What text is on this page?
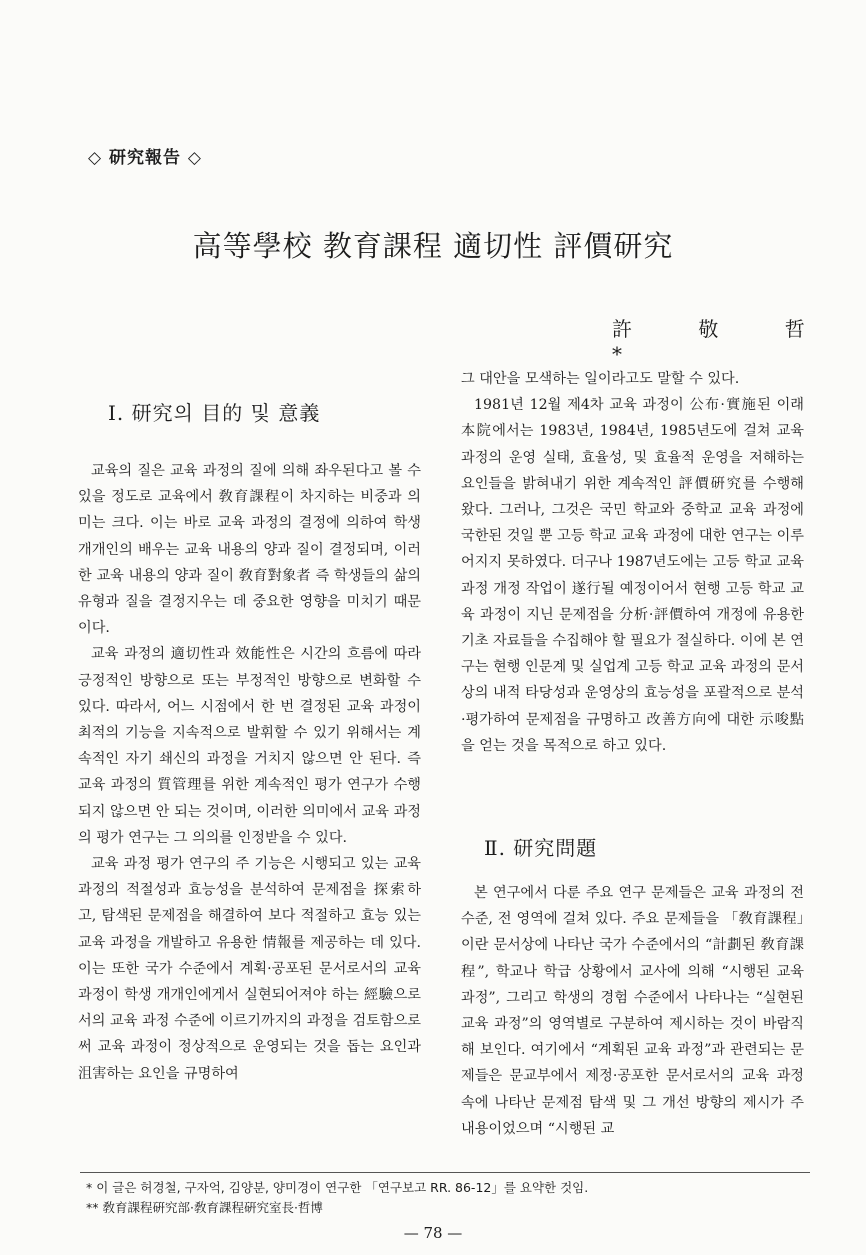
◇ 研究報告 ◇
高等學校 教育課程 適切性 評價研究
許 敬 哲*
Ⅰ. 研究의 目的 및 意義

교육의 질은 교육 과정의 질에 의해 좌우된다고 볼 수 있을 정도로 교육에서 敎育課程이 차지하는 비중과 의미는 크다. 이는 바로 교육 과정의 결정에 의하여 학생 개개인의 배우는 교육 내용의 양과 질이 결정되며, 이러한 교육 내용의 양과 질이 敎育對象者 즉 학생들의 삶의 유형과 질을 결정지우는 데 중요한 영향을 미치기 때문이다.

교육 과정의 適切性과 效能性은 시간의 흐름에 따라 긍정적인 방향으로 또는 부정적인 방향으로 변화할 수 있다. 따라서, 어느 시점에서 한 번 결정된 교육 과정이 최적의 기능을 지속적으로 발휘할 수 있기 위해서는 계속적인 자기 쇄신의 과정을 거치지 않으면 안 된다. 즉 교육 과정의 質管理를 위한 계속적인 평가 연구가 수행되지 않으면 안 되는 것이며, 이러한 의미에서 교육 과정의 평가 연구는 그 의의를 인정받을 수 있다.

교육 과정 평가 연구의 주 기능은 시행되고 있는 교육 과정의 적절성과 효능성을 분석하여 문제점을 探索하고, 탐색된 문제점을 해결하여 보다 적절하고 효능 있는 교육 과정을 개발하고 유용한 情報를 제공하는 데 있다. 이는 또한 국가 수준에서 계획·공포된 문서로서의 교육 과정이 학생 개개인에게서 실현되어져야 하는 經驗으로서의 교육 과정 수준에 이르기까지의 과정을 검토함으로써 교육 과정이 정상적으로 운영되는 것을 돕는 요인과 沮害하는 요인을 규명하여

그 대안을 모색하는 일이라고도 말할 수 있다.

1981년 12월 제4차 교육 과정이 公布·實施된 이래 本院에서는 1983년, 1984년, 1985년도에 걸쳐 교육 과정의 운영 실태, 효율성, 및 효율적 운영을 저해하는 요인들을 밝혀내기 위한 계속적인 評價硏究를 수행해 왔다. 그러나, 그것은 국민 학교와 중학교 교육 과정에 국한된 것일 뿐 고등 학교 교육 과정에 대한 연구는 이루어지지 못하였다. 더구나 1987년도에는 고등 학교 교육 과정 개정 작업이 遂行될 예정이어서 현행 고등 학교 교육 과정이 지닌 문제점을 分析·評價하여 개정에 유용한 기초 자료들을 수집해야 할 필요가 절실하다. 이에 본 연구는 현행 인문계 및 실업계 고등 학교 교육 과정의 문서상의 내적 타당성과 운영상의 효능성을 포괄적으로 분석·평가하여 문제점을 규명하고 改善方向에 대한 示唆點을 얻는 것을 목적으로 하고 있다.

Ⅱ. 研究問題

본 연구에서 다룬 주요 연구 문제들은 교육 과정의 전 수준, 전 영역에 걸쳐 있다. 주요 문제들을 「敎育課程」이란 문서상에 나타난 국가 수준에서의 “計劃된 敎育課程”, 학교나 학급 상황에서 교사에 의해 “시행된 교육 과정”, 그리고 학생의 경험 수준에서 나타나는 “실현된 교육 과정”의 영역별로 구분하여 제시하는 것이 바람직해 보인다. 여기에서 “계획된 교육 과정”과 관련되는 문제들은 문교부에서 제정·공포한 문서로서의 교육 과정 속에 나타난 문제점 탐색 및 그 개선 방향의 제시가 주 내용이었으며 “시행된 교

* 이 글은 허경철, 구자억, 김양분, 양미경이 연구한 「연구보고 RR. 86-12」를 요약한 것임.
** 敎育課程硏究部·敎育課程硏究室長·哲博
— 78 —
